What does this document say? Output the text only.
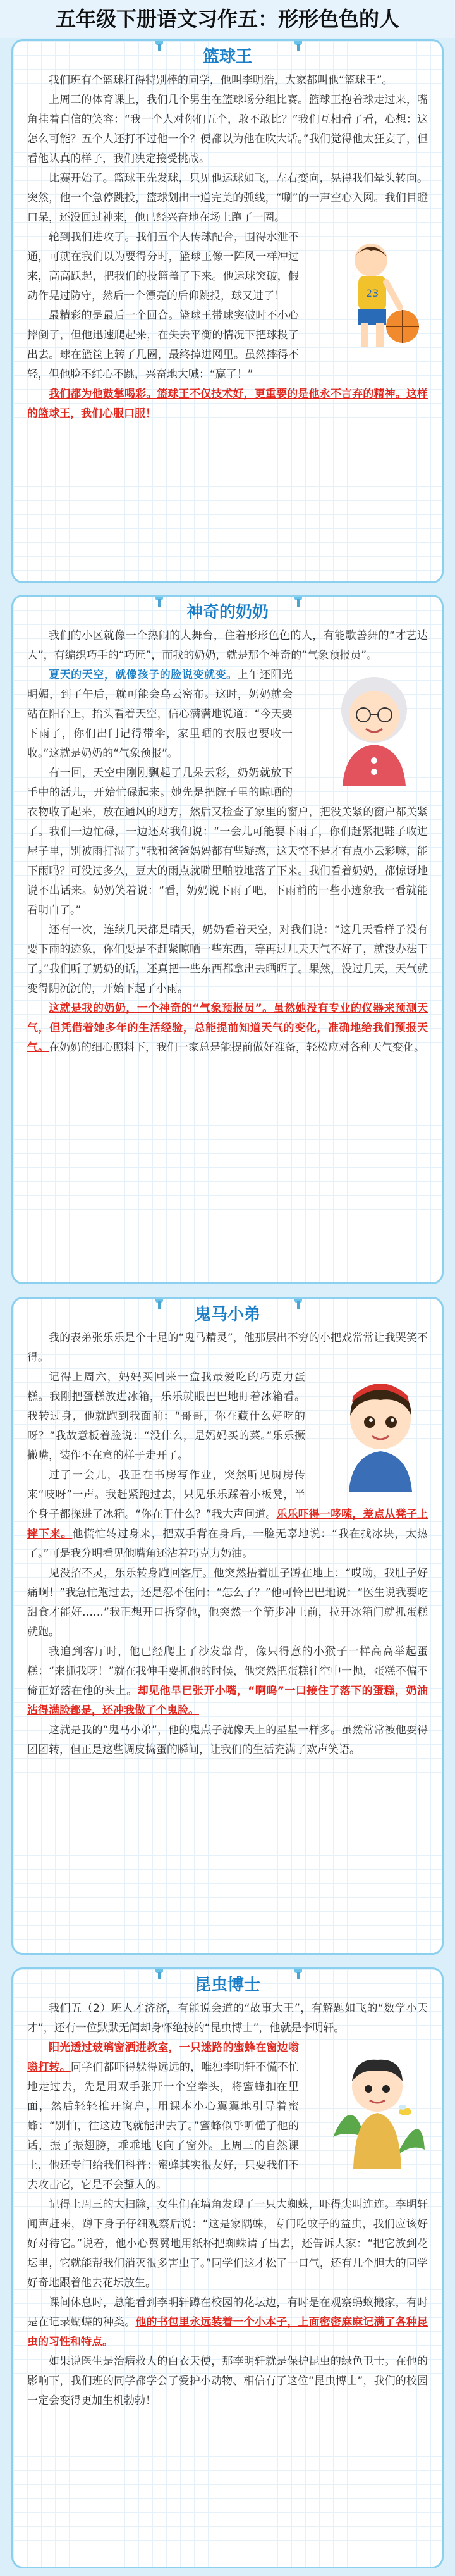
五年级下册语文习作五：形形色色的人
篮球王

我们班有个篮球打得特别棒的同学，他叫李明浩，大家都叫他“篮球王”。

上周三的体育课上，我们几个男生在篮球场分组比赛。篮球王抱着球走过来，嘴角挂着自信的笑容：“我一个人对你们五个，敢不敢比？”我们互相看了看，心想：这怎么可能？五个人还打不过他一个？便都以为他在吹大话。”我们觉得他太狂妄了，但看他认真的样子，我们决定接受挑战。

比赛开始了。篮球王先发球，只见他运球如飞，左右变向，晃得我们晕头转向。突然，他一个急停跳投，篮球划出一道完美的弧线，“唰”的一声空心入网。我们目瞪口呆，还没回过神来，他已经兴奋地在场上跑了一圈。

23
轮到我们进攻了。我们五个人传球配合，围得水泄不通，可就在我们以为要得分时，篮球王像一阵风一样冲过来，高高跃起，把我们的投篮盖了下来。他运球突破，假动作晃过防守，然后一个漂亮的后仰跳投，球又进了！

最精彩的是最后一个回合。篮球王带球突破时不小心摔倒了，但他迅速爬起来，在失去平衡的情况下把球投了出去。球在篮筐上转了几圈，最终掉进网里。虽然摔得不轻，但他脸不红心不跳，兴奋地大喊：“赢了！”

我们都为他鼓掌喝彩。篮球王不仅技术好，更重要的是他永不言弃的精神。这样的篮球王，我们心服口服！

神奇的奶奶

我们的小区就像一个热闹的大舞台，住着形形色色的人，有能歌善舞的“才艺达人”，有编织巧手的“巧匠”，而我的奶奶，就是那个神奇的“气象预报员”。

夏天的天空，就像孩子的脸说变就变。上午还阳光明媚，到了午后，就可能会乌云密布。这时，奶奶就会站在阳台上，抬头看着天空，信心满满地说道：“今天要下雨了，你们出门记得带伞，家里晒的衣服也要收一收。”这就是奶奶的“气象预报”。

有一回，天空中刚刚飘起了几朵云彩，奶奶就放下手中的活儿，开始忙碌起来。她先是把院子里的晾晒的衣物收了起来，放在通风的地方，然后又检查了家里的窗户，把没关紧的窗户都关紧了。我们一边忙碌，一边还对我们说：“一会儿可能要下雨了，你们赶紧把鞋子收进屋子里，别被雨打湿了。”我和爸爸妈妈都有些疑惑，这天空不是才有点小云彩嘛，能下雨吗？可没过多久，豆大的雨点就噼里啪啦地落了下来。我们看着奶奶，都惊讶地说不出话来。奶奶笑着说：“看，奶奶说下雨了吧，下雨前的一些小迹象我一看就能看明白了。”

还有一次，连续几天都是晴天，奶奶看着天空，对我们说：“这几天看样子没有要下雨的迹象，你们要是不赶紧晾晒一些东西，等再过几天天气不好了，就没办法干了。”我们听了奶奶的话，还真把一些东西都拿出去晒晒了。果然，没过几天，天气就变得阴沉沉的，开始下起了小雨。

这就是我的奶奶，一个神奇的“气象预报员”。虽然她没有专业的仪器来预测天气，但凭借着她多年的生活经验，总能提前知道天气的变化，准确地给我们预报天气。在奶奶的细心照料下，我们一家总是能提前做好准备，轻松应对各种天气变化。

鬼马小弟

我的表弟张乐乐是个十足的“鬼马精灵”，他那层出不穷的小把戏常常让我哭笑不得。

记得上周六，妈妈买回来一盒我最爱吃的巧克力蛋糕。我刚把蛋糕放进冰箱，乐乐就眼巴巴地盯着冰箱看。我转过身，他就跑到我面前：“哥哥，你在藏什么好吃的呀？”我故意板着脸说：“没什么，是妈妈买的菜。”乐乐撅撇嘴，装作不在意的样子走开了。

过了一会儿，我正在书房写作业，突然听见厨房传来“吱呀”一声。我赶紧跑过去，只见乐乐踩着小板凳，半个身子都探进了冰箱。“你在干什么？”我大声问道。乐乐吓得一哆嗦，差点从凳子上摔下来。他慌忙转过身来，把双手背在身后，一脸无辜地说：“我在找冰块，太热了。”可是我分明看见他嘴角还沾着巧克力奶油。

见没招不灵，乐乐转身跑回客厅。他突然捂着肚子蹲在地上：“哎呦，我肚子好痛啊！”我急忙跑过去，还是忍不住问：“怎么了？”他可怜巴巴地说：“医生说我要吃甜食才能好……”我正想开口拆穿他，他突然一个箭步冲上前，拉开冰箱门就抓蛋糕就跑。

我追到客厅时，他已经爬上了沙发靠背，像只得意的小猴子一样高高举起蛋糕：“来抓我呀！”就在我伸手要抓他的时候，他突然把蛋糕往空中一抛，蛋糕不偏不倚正好落在他的头上。却见他早已张开小嘴，“啊呜”一口接住了落下的蛋糕，奶油沾得满脸都是，还冲我做了个鬼脸。

这就是我的“鬼马小弟”，他的鬼点子就像天上的星星一样多。虽然常常被他耍得团团转，但正是这些调皮捣蛋的瞬间，让我们的生活充满了欢声笑语。

昆虫博士

我们五（2）班人才济济，有能说会道的“故事大王”，有解题如飞的“数学小天才”，还有一位默默无闻却身怀绝技的“昆虫博士”，他就是李明轩。

阳光透过玻璃窗洒进教室，一只迷路的蜜蜂在窗边嗡嗡打转。同学们都吓得躲得远远的，唯独李明轩不慌不忙地走过去，先是用双手张开一个空拳头，将蜜蜂扣在里面，然后轻轻推开窗户，用课本小心翼翼地引导着蜜蜂：“别怕，往这边飞就能出去了。”蜜蜂似乎听懂了他的话，振了振翅膀，乖乖地飞向了窗外。上周三的自然课上，他还专门给我们科普：蜜蜂其实很友好，只要我们不去攻击它，它是不会蜇人的。

记得上周三的大扫除，女生们在墙角发现了一只大蜘蛛，吓得尖叫连连。李明轩闻声赶来，蹲下身子仔细观察后说：“这是家隅蛛，专门吃蚊子的益虫，我们应该好好对待它。”说着，他小心翼翼地用纸杯把蜘蛛请了出去，还告诉大家：“把它放到花坛里，它就能帮我们消灭很多害虫了。”同学们这才松了一口气，还有几个胆大的同学好奇地跟着他去花坛放生。

课间休息时，总能看到李明轩蹲在校园的花坛边，有时是在观察蚂蚁搬家，有时是在记录蝴蝶的种类。他的书包里永远装着一个小本子，上面密密麻麻记满了各种昆虫的习性和特点。

如果说医生是治病救人的白衣天使，那李明轩就是保护昆虫的绿色卫士。在他的影响下，我们班的同学都学会了爱护小动物、相信有了这位“昆虫博士”，我们的校园一定会变得更加生机勃勃！
